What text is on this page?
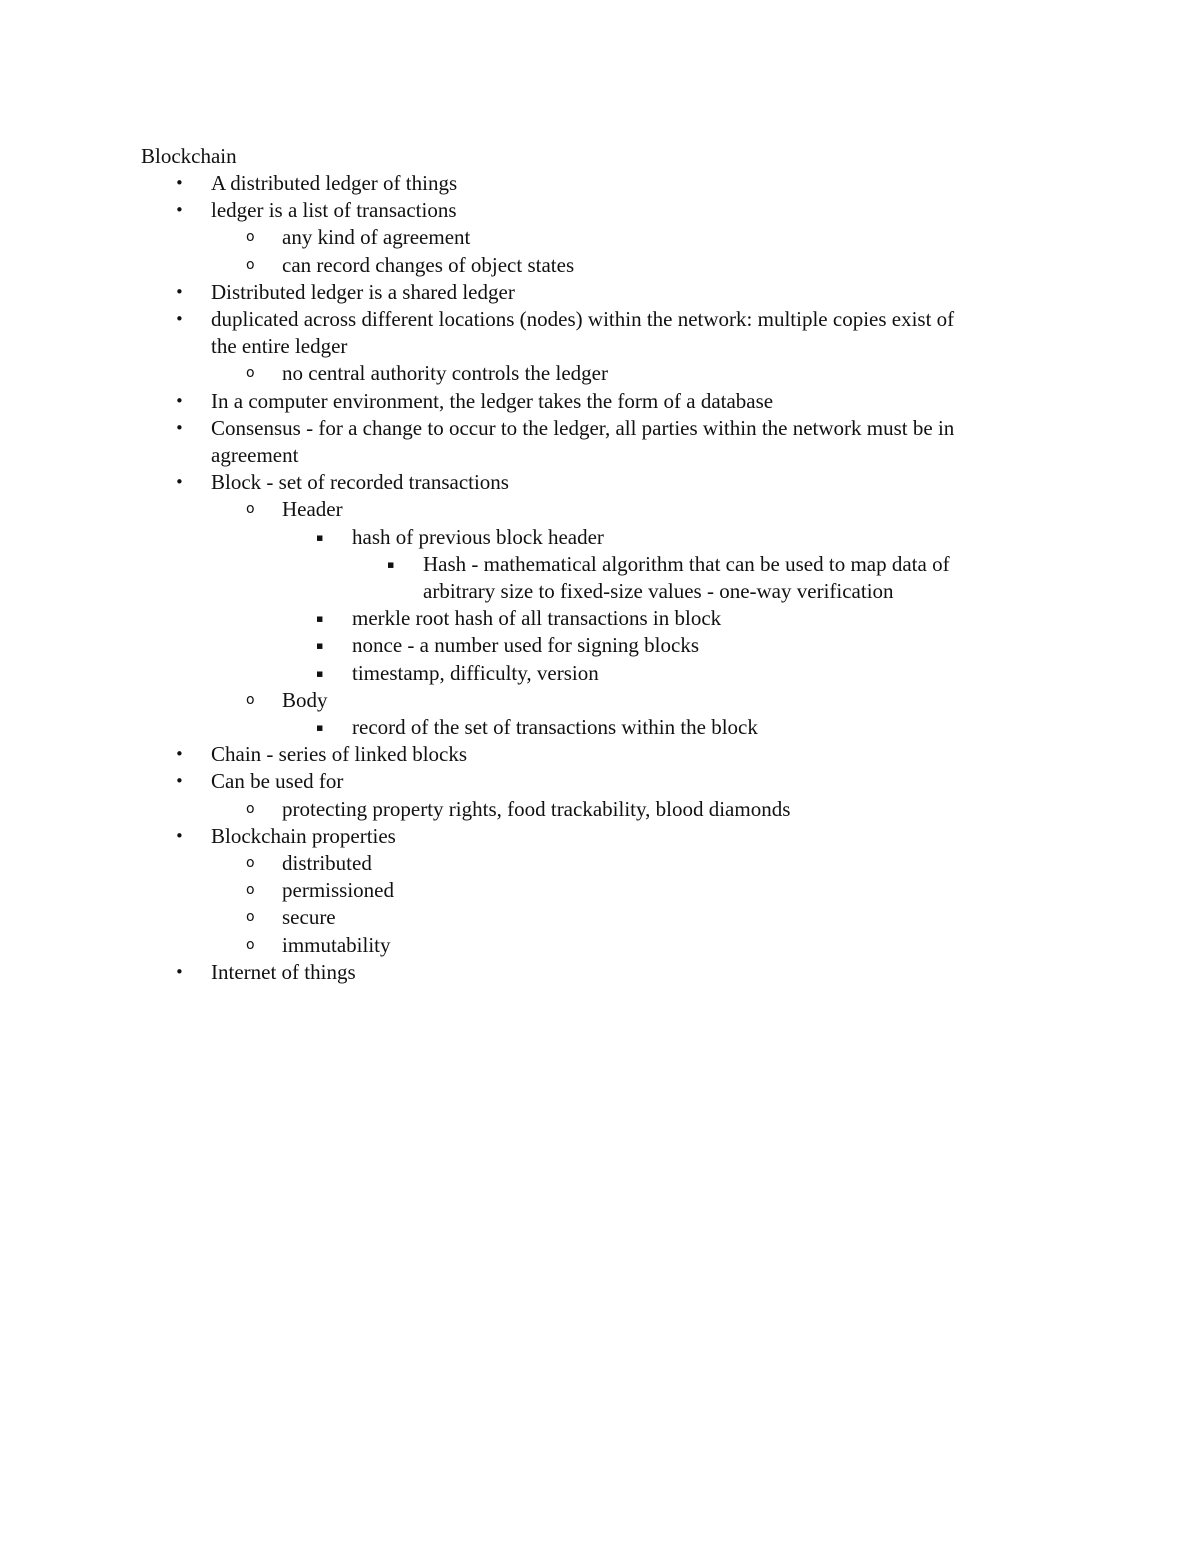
Blockchain
• A distributed ledger of things
• ledger is a list of transactions
o any kind of agreement
o can record changes of object states
• Distributed ledger is a shared ledger
• duplicated across different locations (nodes) within the network: multiple copies exist of
the entire ledger
o no central authority controls the ledger
• In a computer environment, the ledger takes the form of a database
• Consensus - for a change to occur to the ledger, all parties within the network must be in
agreement
• Block - set of recorded transactions
o Header
▪ hash of previous block header
▪ Hash - mathematical algorithm that can be used to map data of
arbitrary size to fixed-size values - one-way verification
▪ merkle root hash of all transactions in block
▪ nonce - a number used for signing blocks
▪ timestamp, difficulty, version
o Body
▪ record of the set of transactions within the block
• Chain - series of linked blocks
• Can be used for
o protecting property rights, food trackability, blood diamonds
• Blockchain properties
o distributed
o permissioned
o secure
o immutability
• Internet of things
